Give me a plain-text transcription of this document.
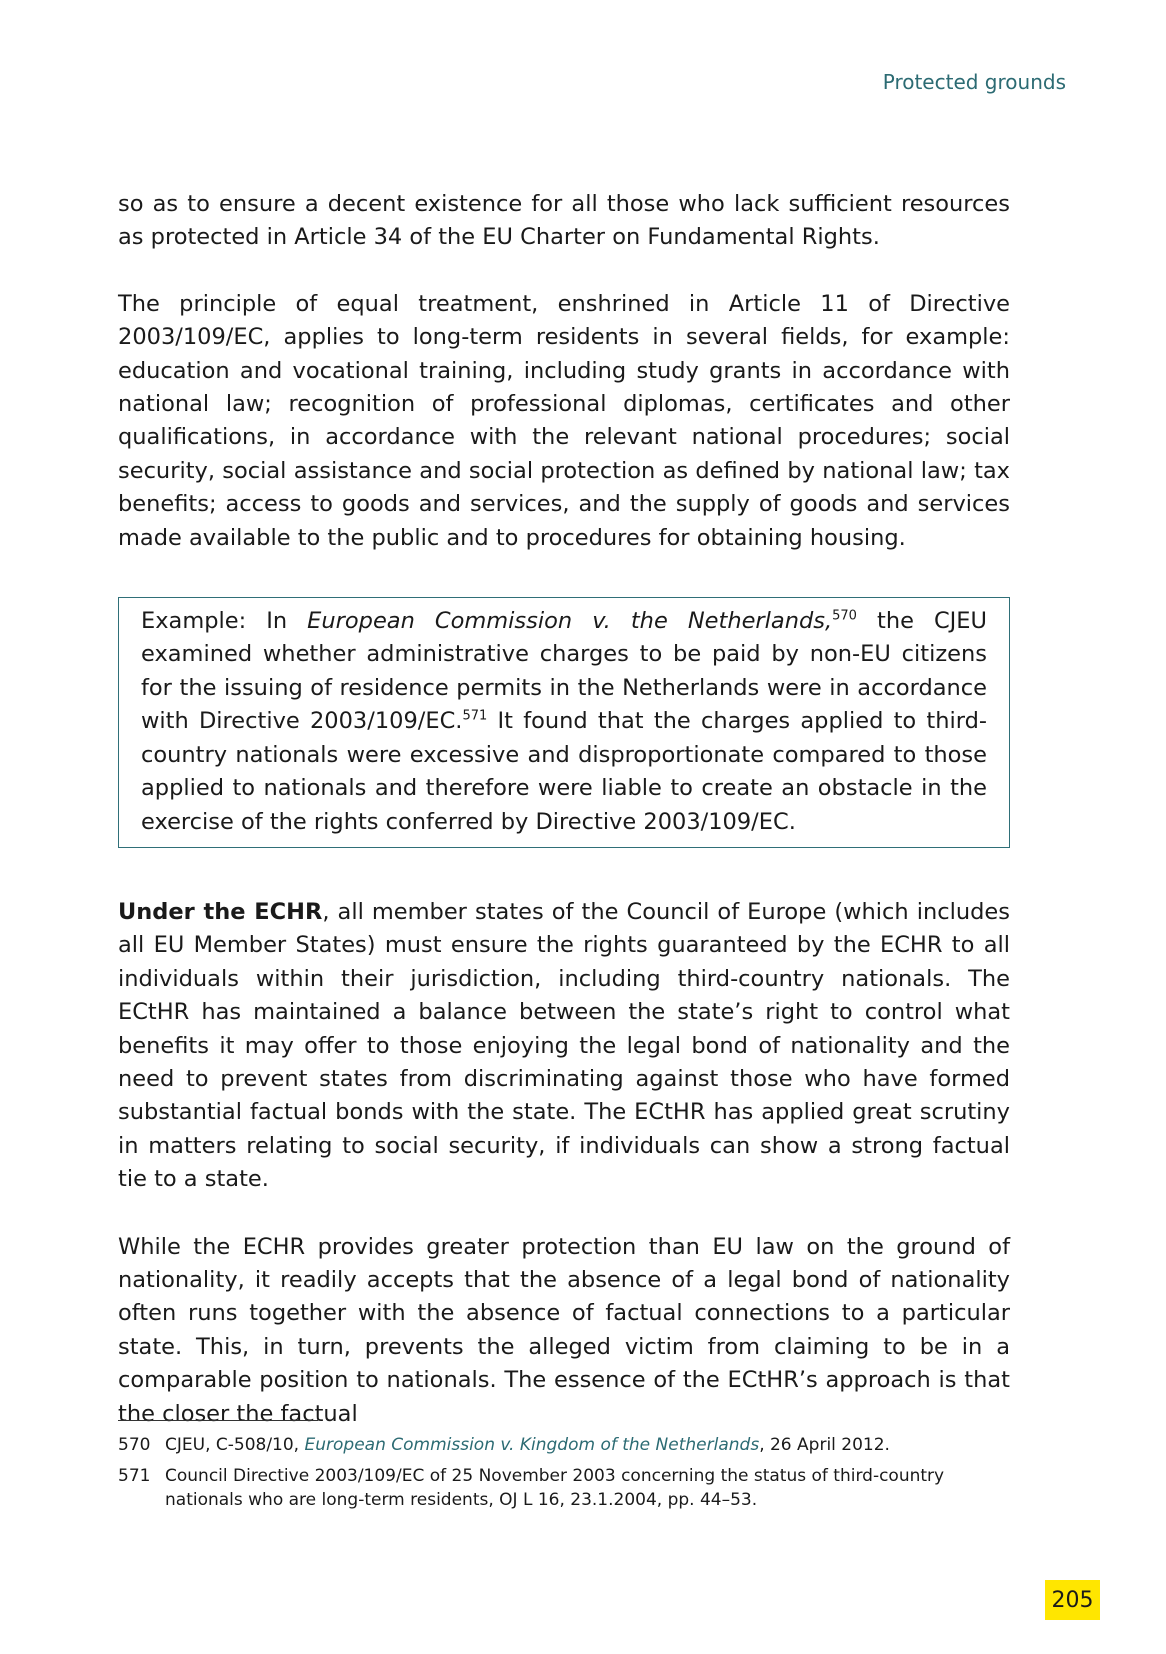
Protected grounds

so as to ensure a decent existence for all those who lack sufficient resources as protected in Article 34 of the EU Charter on Fundamental Rights.

The principle of equal treatment, enshrined in Article 11 of Directive 2003/109/EC, applies to long-term residents in several fields, for example: education and vocational training, including study grants in accordance with national law; recognition of professional diplomas, certificates and other qualifications, in accordance with the relevant national procedures; social security, social assistance and social protection as defined by national law; tax benefits; access to goods and services, and the supply of goods and services made available to the public and to procedures for obtaining housing.

Example: In European Commission v. the Netherlands,$^{570}$ the CJEU examined whether administrative charges to be paid by non-EU citizens for the issuing of residence permits in the Netherlands were in accordance with Directive 2003/109/EC.$^{571}$ It found that the charges applied to third-country nationals were excessive and disproportionate compared to those applied to nationals and therefore were liable to create an obstacle in the exercise of the rights conferred by Directive 2003/109/EC.

Under the ECHR, all member states of the Council of Europe (which includes all EU Member States) must ensure the rights guaranteed by the ECHR to all individuals within their jurisdiction, including third-country nationals. The ECtHR has maintained a balance between the state’s right to control what benefits it may offer to those enjoying the legal bond of nationality and the need to prevent states from discriminating against those who have formed substantial factual bonds with the state. The ECtHR has applied great scrutiny in matters relating to social security, if individuals can show a strong factual tie to a state.

While the ECHR provides greater protection than EU law on the ground of nationality, it readily accepts that the absence of a legal bond of nationality often runs together with the absence of factual connections to a particular state. This, in turn, prevents the alleged victim from claiming to be in a comparable position to nationals. The essence of the ECtHR’s approach is that the closer the factual

570 CJEU, C-508/10, European Commission v. Kingdom of the Netherlands, 26 April 2012.
571 Council Directive 2003/109/EC of 25 November 2003 concerning the status of third-country nationals who are long-term residents, OJ L 16, 23.1.2004, pp. 44–53.
205
